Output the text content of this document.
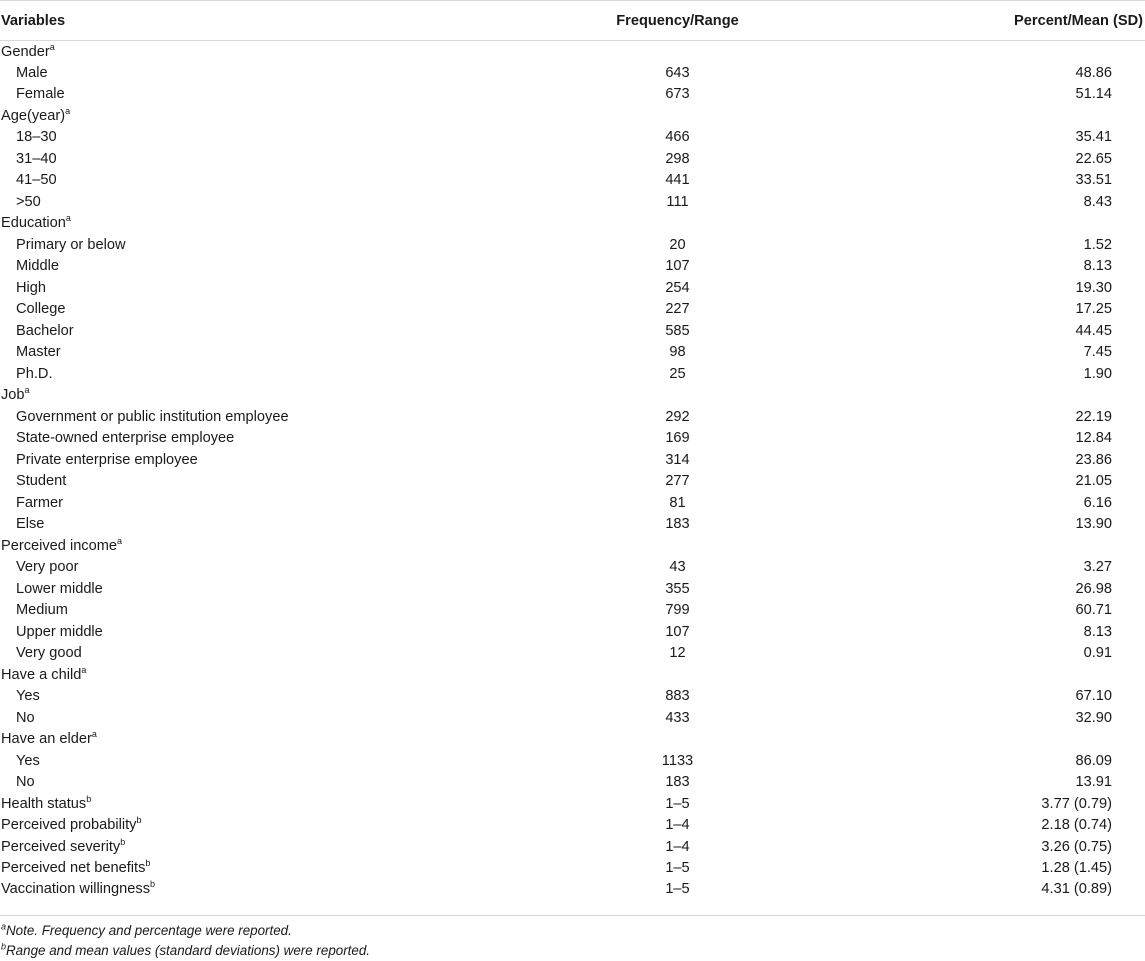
Variables	Frequency/Range	Percent/Mean (SD)
Gender$^a$		
Male	643	48.86
Female	673	51.14
Age(year)$^a$		
18–30	466	35.41
31–40	298	22.65
41–50	441	33.51
>50	111	8.43
Education$^a$		
Primary or below	20	1.52
Middle	107	8.13
High	254	19.30
College	227	17.25
Bachelor	585	44.45
Master	98	7.45
Ph.D.	25	1.90
Job$^a$		
Government or public institution employee	292	22.19
State-owned enterprise employee	169	12.84
Private enterprise employee	314	23.86
Student	277	21.05
Farmer	81	6.16
Else	183	13.90
Perceived income$^a$		
Very poor	43	3.27
Lower middle	355	26.98
Medium	799	60.71
Upper middle	107	8.13
Very good	12	0.91
Have a child$^a$		
Yes	883	67.10
No	433	32.90
Have an elder$^a$		
Yes	1133	86.09
No	183	13.91
Health status$^b$	1–5	3.77 (0.79)
Perceived probability$^b$	1–4	2.18 (0.74)
Perceived severity$^b$	1–4	3.26 (0.75)
Perceived net benefits$^b$	1–5	1.28 (1.45)
Vaccination willingness$^b$	1–5	4.31 (0.89)
$^a$Note. Frequency and percentage were reported.
$^b$Range and mean values (standard deviations) were reported.
